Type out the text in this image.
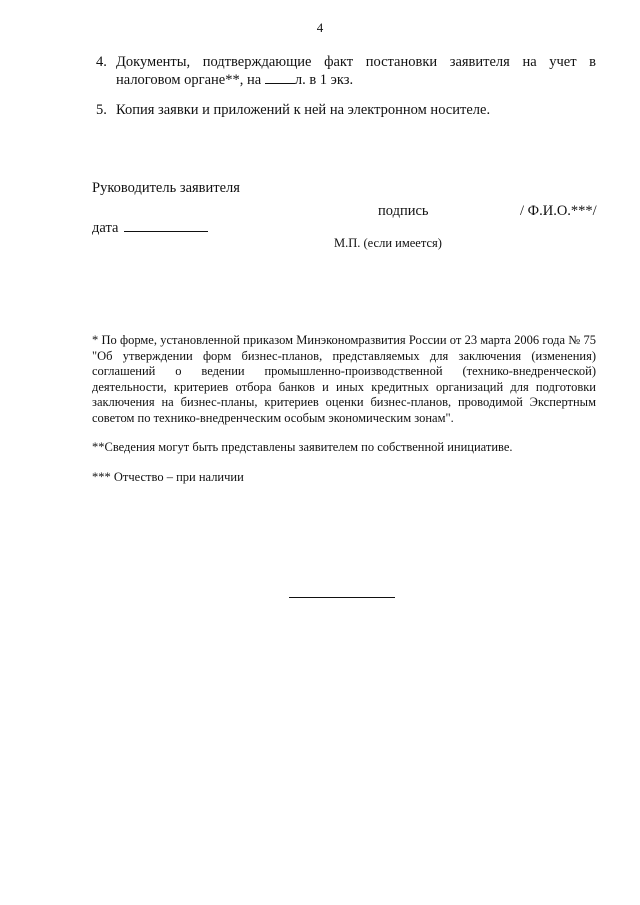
4
4. Документы, подтверждающие факт постановки заявителя на учет в налоговом органе**, на л. в 1 экз.
5. Копия заявки и приложений к ней на электронном носителе.
Руководитель заявителя
подпись	/ Ф.И.О.***/
дата
М.П. (если имеется)
* По форме, установленной приказом Минэкономразвития России от 23 марта 2006 года № 75 "Об утверждении форм бизнес-планов, представляемых для заключения (изменения) соглашений о ведении промышленно-производственной (технико-внедренческой) деятельности, критериев отбора банков и иных кредитных организаций для подготовки заключения на бизнес-планы, критериев оценки бизнес-планов, проводимой Экспертным советом по технико-внедренческим особым экономическим зонам".
**Сведения могут быть представлены заявителем по собственной инициативе.
*** Отчество – при наличии
